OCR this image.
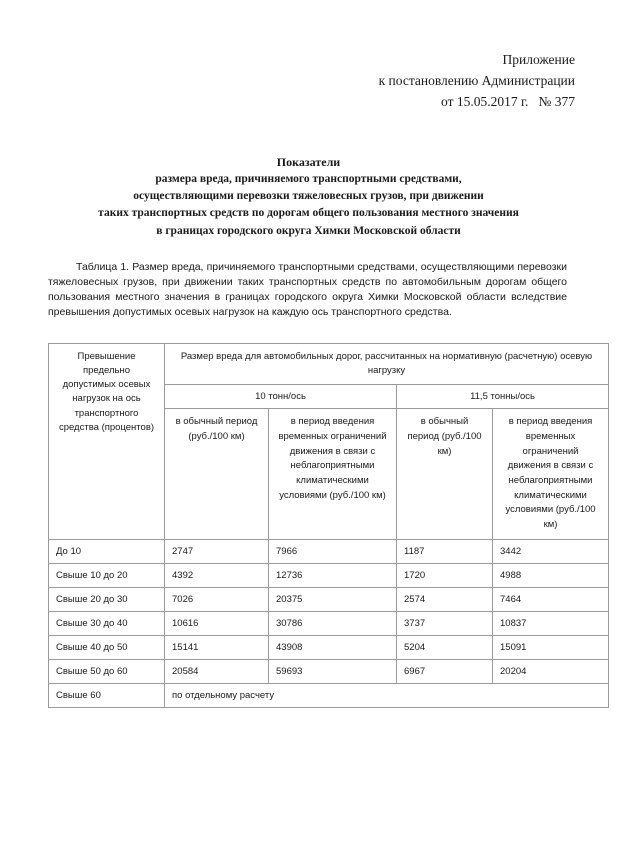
Приложение
к постановлению Администрации
от 15.05.2017 г.   № 377
Показатели
размера вреда, причиняемого транспортными средствами,
осуществляющими перевозки тяжеловесных грузов, при движении
таких транспортных средств по дорогам общего пользования местного значения
в границах городского округа Химки Московской области
Таблица 1. Размер вреда, причиняемого транспортными средствами, осуществляющими перевозки тяжеловесных грузов, при движении таких транспортных средств по автомобильным дорогам общего пользования местного значения в границах городского округа Химки Московской области вследствие превышения допустимых осевых нагрузок на каждую ось транспортного средства.
Превышение предельно допустимых осевых нагрузок на ось транспортного средства (процентов)	Размер вреда для автомобильных дорог, рассчитанных на нормативную (расчетную) осевую нагрузку			
	10 тонн/ось		11,5 тонны/ось	
	в обычный период (руб./100 км)	в период введения временных ограничений движения в связи с неблагоприятными климатическими условиями (руб./100 км)	в обычный период (руб./100 км)	в период введения временных ограничений движения в связи с неблагоприятными климатическими условиями (руб./100 км)
До 10	2747	7966	1187	3442
Свыше 10 до 20	4392	12736	1720	4988
Свыше 20 до 30	7026	20375	2574	7464
Свыше 30 до 40	10616	30786	3737	10837
Свыше 40 до 50	15141	43908	5204	15091
Свыше 50 до 60	20584	59693	6967	20204
Свыше 60	по отдельному расчету			
